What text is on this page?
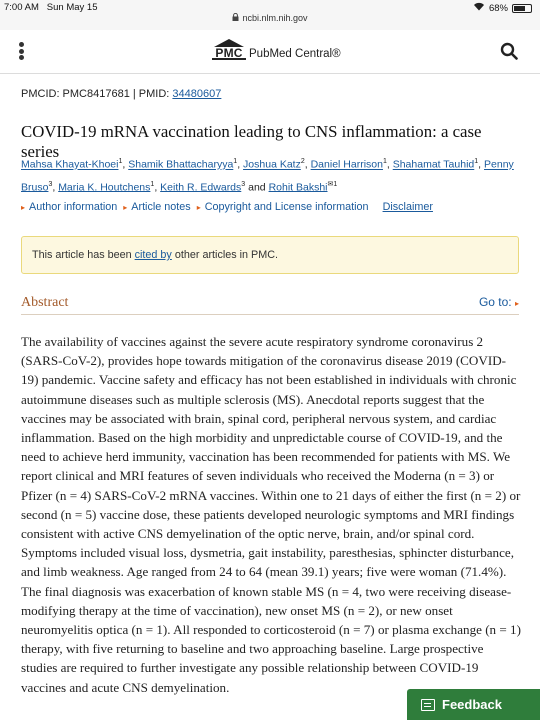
7:00 AM Sun May 15
ncbi.nlm.nih.gov
68%
PMC PubMed Central®
PMCID: PMC8417681 | PMID: 34480607
COVID-19 mRNA vaccination leading to CNS inflammation: a case series
Mahsa Khayat-Khoei$^1$, Shamik Bhattacharyya$^1$, Joshua Katz$^2$, Daniel Harrison$^1$, Shahamat Tauhid$^1$, Penny Bruso$^3$, Maria K. Houtchens$^1$, Keith R. Edwards$^3$ and Rohit Bakshi$^{✉1}$
▸ Author information ▸ Article notes ▸ Copyright and License information Disclaimer
This article has been cited by other articles in PMC.
Abstract	Go to: ▸

The availability of vaccines against the severe acute respiratory syndrome coronavirus 2 (SARS-CoV-2), provides hope towards mitigation of the coronavirus disease 2019 (COVID-19) pandemic. Vaccine safety and efficacy has not been established in individuals with chronic autoimmune diseases such as multiple sclerosis (MS). Anecdotal reports suggest that the vaccines may be associated with brain, spinal cord, peripheral nervous system, and cardiac inflammation. Based on the high morbidity and unpredictable course of COVID-19, and the need to achieve herd immunity, vaccination has been recommended for patients with MS. We report clinical and MRI features of seven individuals who received the Moderna (n = 3) or Pfizer (n = 4) SARS-CoV-2 mRNA vaccines. Within one to 21 days of either the first (n = 2) or second (n = 5) vaccine dose, these patients developed neurologic symptoms and MRI findings consistent with active CNS demyelination of the optic nerve, brain, and/or spinal cord. Symptoms included visual loss, dysmetria, gait instability, paresthesias, sphincter disturbance, and limb weakness. Age ranged from 24 to 64 (mean 39.1) years; five were woman (71.4%). The final diagnosis was exacerbation of known stable MS (n = 4, two were receiving disease-modifying therapy at the time of vaccination), new onset MS (n = 2), or new onset neuromyelitis optica (n = 1). All responded to corticosteroid (n = 7) or plasma exchange (n = 1) therapy, with five returning to baseline and two approaching baseline. Large prospective studies are required to further investigate any possible relationship between COVID-19 vaccines and acute CNS demyelination.

Feedback
